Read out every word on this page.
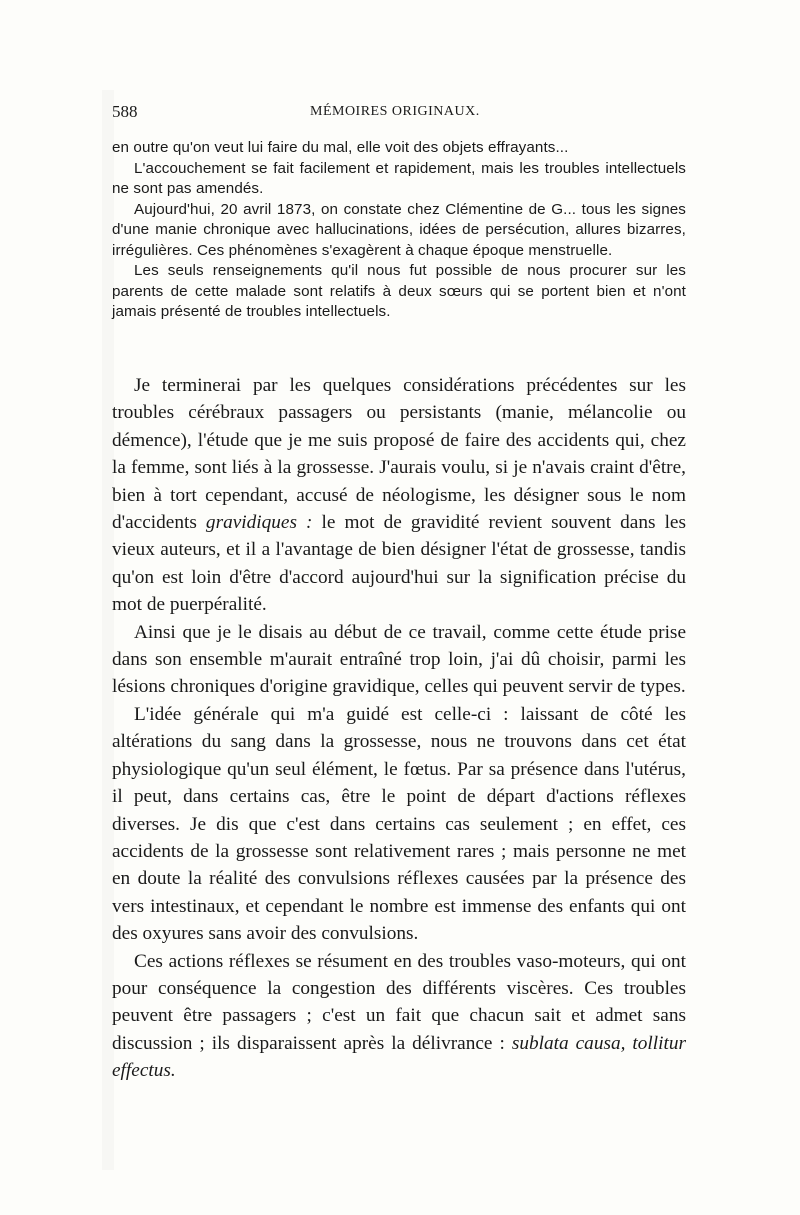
588	MÉMOIRES ORIGINAUX.

en outre qu'on veut lui faire du mal, elle voit des objets effrayants...

L'accouchement se fait facilement et rapidement, mais les troubles intellectuels ne sont pas amendés.

Aujourd'hui, 20 avril 1873, on constate chez Clémentine de G... tous les signes d'une manie chronique avec hallucinations, idées de persécution, allures bizarres, irrégulières. Ces phénomènes s'exagèrent à chaque époque menstruelle.

Les seuls renseignements qu'il nous fut possible de nous procurer sur les parents de cette malade sont relatifs à deux sœurs qui se portent bien et n'ont jamais présenté de troubles intellectuels.

Je terminerai par les quelques considérations précédentes sur les troubles cérébraux passagers ou persistants (manie, mélancolie ou démence), l'étude que je me suis proposé de faire des accidents qui, chez la femme, sont liés à la grossesse. J'aurais voulu, si je n'avais craint d'être, bien à tort cependant, accusé de néologisme, les désigner sous le nom d'accidents gravidiques : le mot de gravidité revient souvent dans les vieux auteurs, et il a l'avantage de bien désigner l'état de grossesse, tandis qu'on est loin d'être d'accord aujourd'hui sur la signification précise du mot de puerpéralité.

Ainsi que je le disais au début de ce travail, comme cette étude prise dans son ensemble m'aurait entraîné trop loin, j'ai dû choisir, parmi les lésions chroniques d'origine gravidique, celles qui peuvent servir de types.

L'idée générale qui m'a guidé est celle-ci : laissant de côté les altérations du sang dans la grossesse, nous ne trouvons dans cet état physiologique qu'un seul élément, le fœtus. Par sa présence dans l'utérus, il peut, dans certains cas, être le point de départ d'actions réflexes diverses. Je dis que c'est dans certains cas seulement ; en effet, ces accidents de la grossesse sont relativement rares ; mais personne ne met en doute la réalité des convulsions réflexes causées par la présence des vers intestinaux, et cependant le nombre est immense des enfants qui ont des oxyures sans avoir des convulsions.

Ces actions réflexes se résument en des troubles vaso-moteurs, qui ont pour conséquence la congestion des différents viscères. Ces troubles peuvent être passagers ; c'est un fait que chacun sait et admet sans discussion ; ils disparaissent après la délivrance : sublata causa, tollitur effectus.
